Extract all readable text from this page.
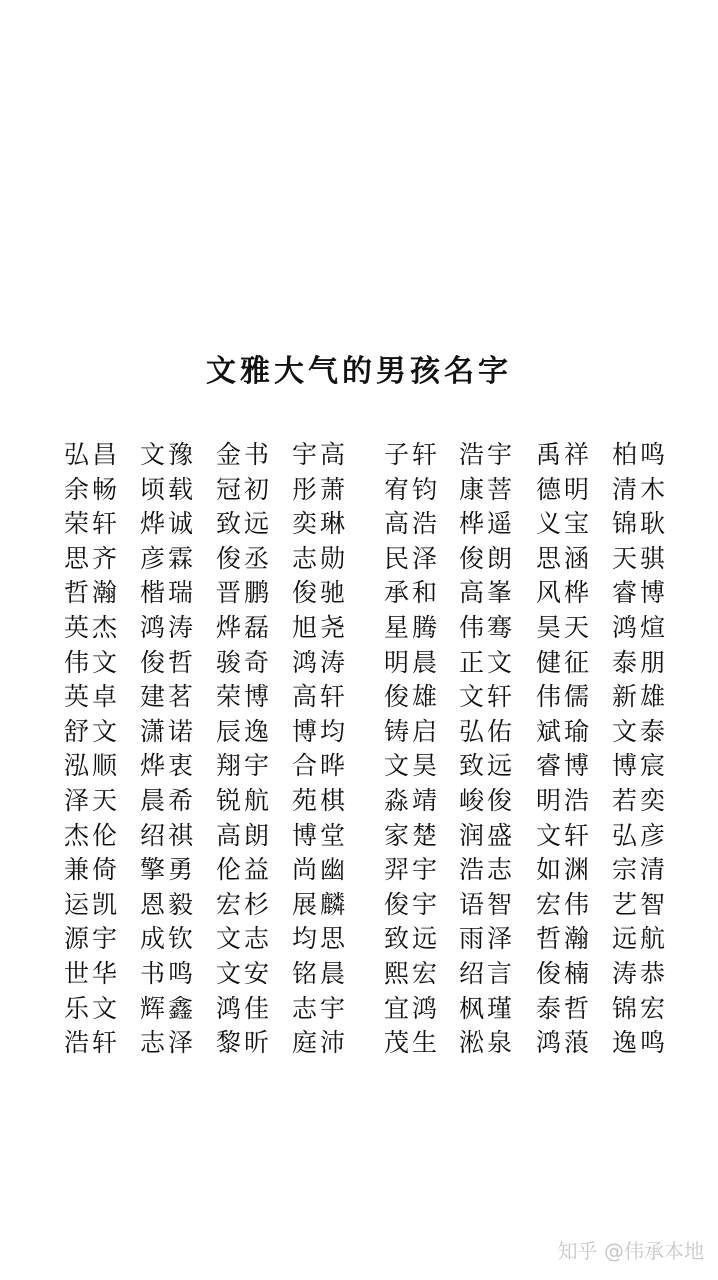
文雅大气的男孩名字
弘昌 文豫 金书 宇高 子轩 浩宇 禹祥 柏鸣
余畅 顷载 冠初 彤萧 宥钧 康菩 德明 清木
荣轩 烨诚 致远 奕琳 高浩 桦遥 义宝 锦耿
思齐 彦霖 俊丞 志勋 民泽 俊朗 思涵 天骐
哲瀚 楷瑞 晋鹏 俊驰 承和 高峯 风桦 睿博
英杰 鸿涛 烨磊 旭尧 星腾 伟骞 昊天 鸿煊
伟文 俊哲 骏奇 鸿涛 明晨 正文 健征 泰朋
英卓 建茗 荣博 高轩 俊雄 文轩 伟儒 新雄
舒文 潇诺 辰逸 博均 铸启 弘佑 斌瑜 文泰
泓顺 烨衷 翔宇 合晔 文昊 致远 睿博 博宸
泽天 晨希 锐航 苑棋 淼靖 峻俊 明浩 若奕
杰伦 绍祺 高朗 博堂 家楚 润盛 文轩 弘彦
兼倚 擎勇 伦益 尚幽 羿宇 浩志 如渊 宗清
运凯 恩毅 宏杉 展麟 俊宇 语智 宏伟 艺智
源宇 成钦 文志 均思 致远 雨泽 哲瀚 远航
世华 书鸣 文安 铭晨 熙宏 绍言 俊楠 涛恭
乐文 辉鑫 鸿佳 志宇 宜鸿 枫瑾 泰哲 锦宏
浩轩 志泽 黎昕 庭沛 茂生 淞泉 鸿蒗 逸鸣
知乎 @伟承本地
